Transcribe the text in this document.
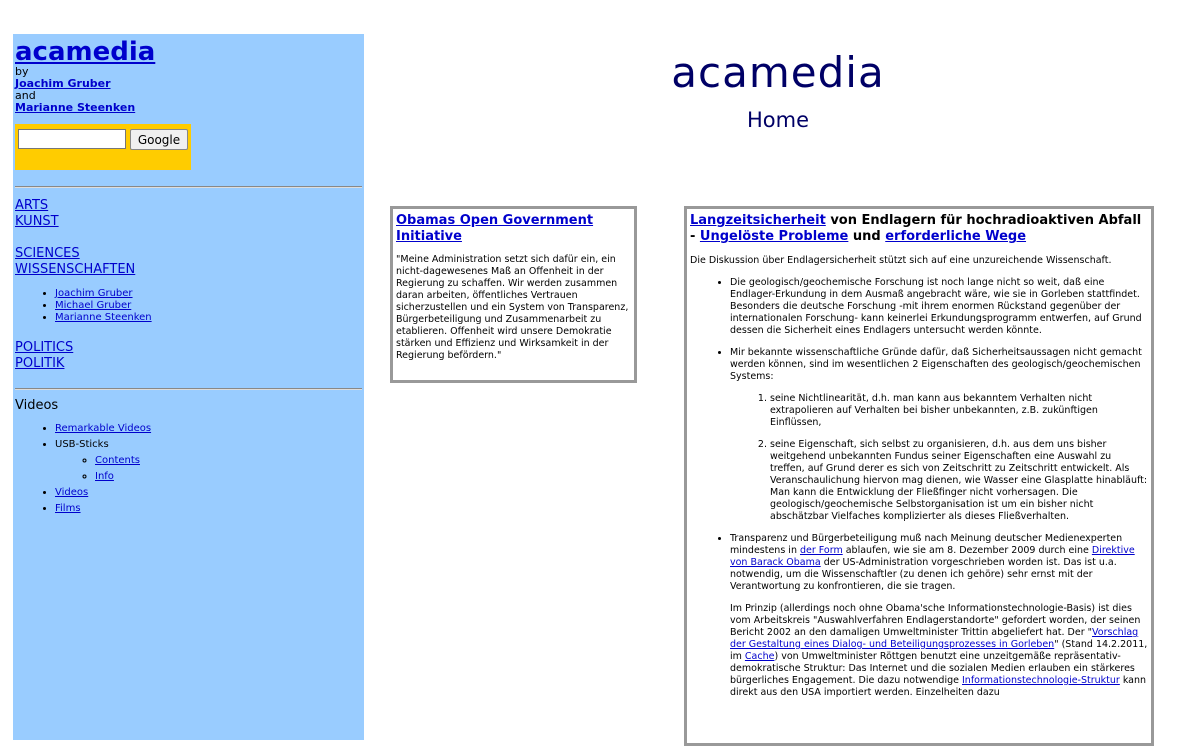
acamedia
by
Joachim Gruber
and
Marianne Steenken
Google
ARTS
KUNST
SCIENCES
WISSENSCHAFTEN
• Joachim Gruber
• Michael Gruber
• Marianne Steenken
POLITICS
POLITIK
Videos
• Remarkable Videos
• USB-Sticks
◦ Contents
◦ Info
• Videos
• Films
acamedia
Home
Obamas Open Government Initiative

"Meine Administration setzt sich dafür ein, ein nicht-dagewesenes Maß an Offenheit in der Regierung zu schaffen. Wir werden zusammen daran arbeiten, öffentliches Vertrauen sicherzustellen und ein System von Transparenz, Bürgerbeteiligung und Zusammenarbeit zu etablieren. Offenheit wird unsere Demokratie stärken und Effizienz und Wirksamkeit in der Regierung befördern."

Langzeitsicherheit von Endlagern für hochradioaktiven Abfall - Ungelöste Probleme und erforderliche Wege

Die Diskussion über Endlagersicherheit stützt sich auf eine unzureichende Wissenschaft.

• Die geologisch/geochemische Forschung ist noch lange nicht so weit, daß eine Endlager-Erkundung in dem Ausmaß angebracht wäre, wie sie in Gorleben stattfindet. Besonders die deutsche Forschung -mit ihrem enormen Rückstand gegenüber der internationalen Forschung- kann keinerlei Erkundungsprogramm entwerfen, auf Grund dessen die Sicherheit eines Endlagers untersucht werden könnte.
• Mir bekannte wissenschaftliche Gründe dafür, daß Sicherheitsaussagen nicht gemacht werden können, sind im wesentlichen 2 Eigenschaften des geologisch/geochemischen Systems:
1. seine Nichtlinearität, d.h. man kann aus bekanntem Verhalten nicht extrapolieren auf Verhalten bei bisher unbekannten, z.B. zukünftigen Einflüssen,
2. seine Eigenschaft, sich selbst zu organisieren, d.h. aus dem uns bisher weitgehend unbekannten Fundus seiner Eigenschaften eine Auswahl zu treffen, auf Grund derer es sich von Zeitschritt zu Zeitschritt entwickelt. Als Veranschaulichung hiervon mag dienen, wie Wasser eine Glasplatte hinabläuft: Man kann die Entwicklung der Fließfinger nicht vorhersagen. Die geologisch/geochemische Selbstorganisation ist um ein bisher nicht abschätzbar Vielfaches komplizierter als dieses Fließverhalten.
• Transparenz und Bürgerbeteiligung muß nach Meinung deutscher Medienexperten mindestens in der Form ablaufen, wie sie am 8. Dezember 2009 durch eine Direktive von Barack Obama der US-Administration vorgeschrieben worden ist. Das ist u.a. notwendig, um die Wissenschaftler (zu denen ich gehöre) sehr ernst mit der Verantwortung zu konfrontieren, die sie tragen.

Im Prinzip (allerdings noch ohne Obama'sche Informationstechnologie-Basis) ist dies vom Arbeitskreis "Auswahlverfahren Endlagerstandorte" gefordert worden, der seinen Bericht 2002 an den damaligen Umweltminister Trittin abgeliefert hat. Der "Vorschlag der Gestaltung eines Dialog- und Beteiligungsprozesses in Gorleben" (Stand 14.2.2011, im Cache) von Umweltminister Röttgen benutzt eine unzeitgemäße repräsentativ-demokratische Struktur: Das Internet und die sozialen Medien erlauben ein stärkeres bürgerliches Engagement. Die dazu notwendige Informationstechnologie-Struktur kann direkt aus den USA importiert werden. Einzelheiten dazu
